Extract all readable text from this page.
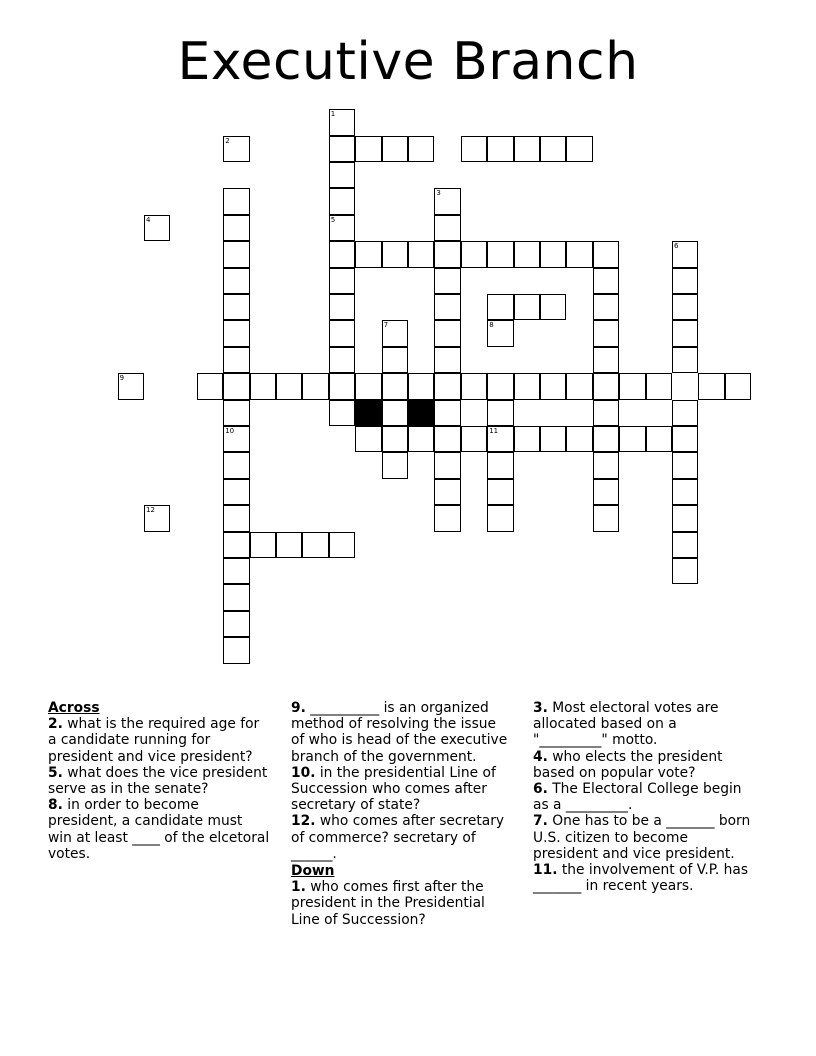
Executive Branch
1
2
3
4	5
6
7	8
9
10	11
12
Across
2. what is the required age for a candidate running for president and vice president?
5. what does the vice president serve as in the senate?
8. in order to become president, a candidate must win at least ____ of the elcetoral votes.
9. __________ is an organized method of resolving the issue of who is head of the executive branch of the government.
10. in the presidential Line of Succession who comes after secretary of state?
12. who comes after secretary of commerce? secretary of ______.
Down
1. who comes first after the president in the Presidential Line of Succession?
3. Most electoral votes are allocated based on a "_________" motto.
4. who elects the president based on popular vote?
6. The Electoral College begin as a _________.
7. One has to be a _______ born U.S. citizen to become president and vice president.
11. the involvement of V.P. has _______ in recent years.
